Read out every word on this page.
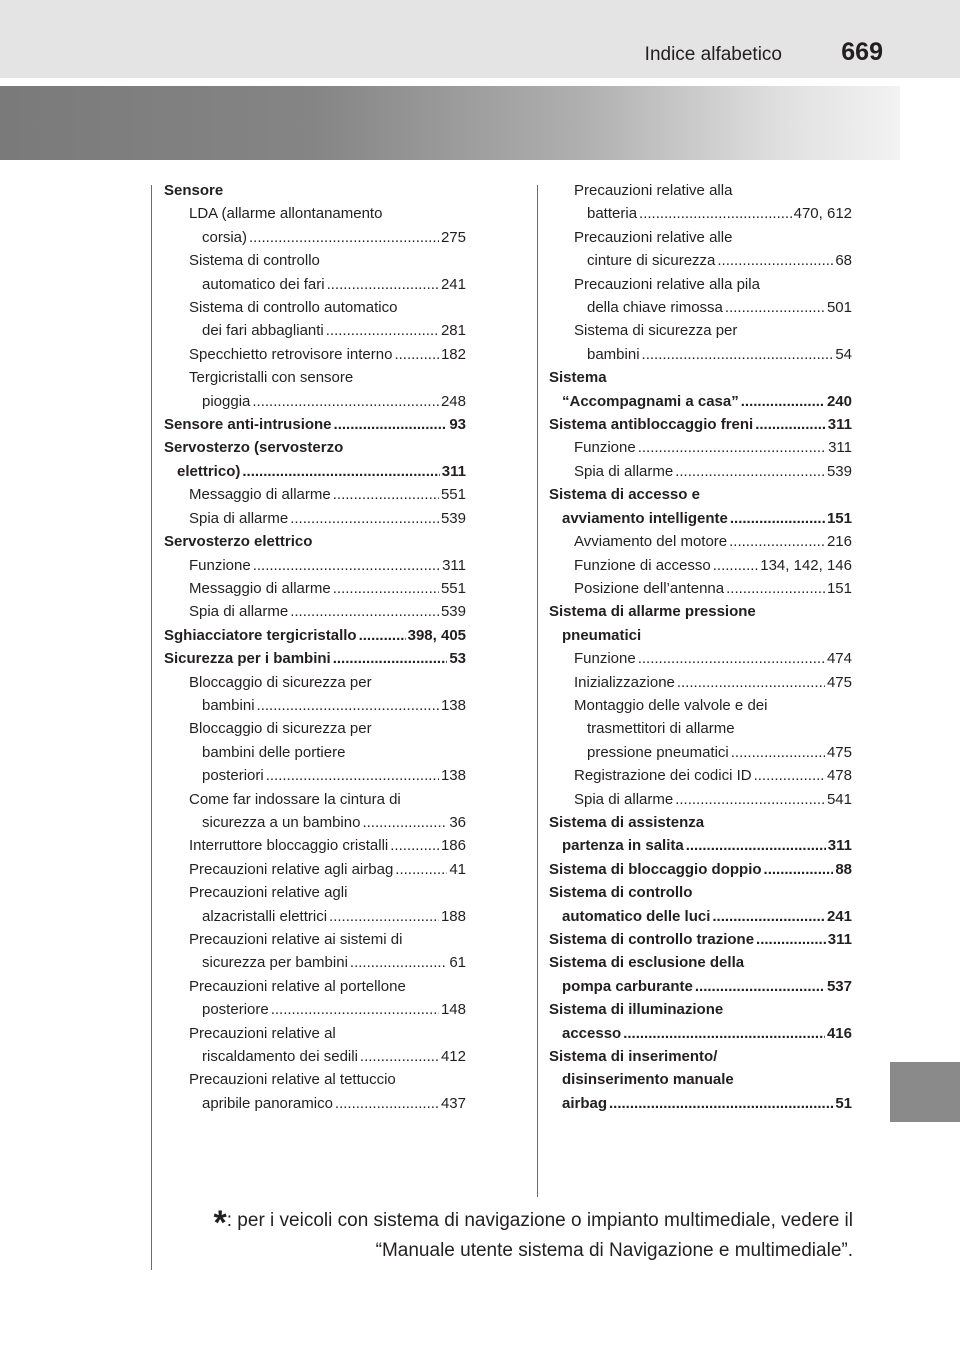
Indice alfabetico 669
Sensore
LDA (allarme allontanamento
corsia) .....	275
Sistema di controllo
automatico dei fari .....	241
Sistema di controllo automatico
dei fari abbaglianti .....	281
Specchietto retrovisore interno .....	182
Tergicristalli con sensore
pioggia .....	248
Sensore anti-intrusione .....	93
Servosterzo (servosterzo
elettrico) .....	311
Messaggio di allarme .....	551
Spia di allarme .....	539
Servosterzo elettrico
Funzione .....	311
Messaggio di allarme .....	551
Spia di allarme .....	539
Sghiacciatore tergicristallo .....	398, 405
Sicurezza per i bambini .....	53
Bloccaggio di sicurezza per
bambini .....	138
Bloccaggio di sicurezza per
bambini delle portiere
posteriori .....	138
Come far indossare la cintura di
sicurezza a un bambino .....	36
Interruttore bloccaggio cristalli .....	186
Precauzioni relative agli airbag .....	41
Precauzioni relative agli
alzacristalli elettrici .....	188
Precauzioni relative ai sistemi di
sicurezza per bambini .....	61
Precauzioni relative al portellone
posteriore .....	148
Precauzioni relative al
riscaldamento dei sedili .....	412
Precauzioni relative al tettuccio
apribile panoramico .....	437
Precauzioni relative alla
batteria .....	470, 612
Precauzioni relative alle
cinture di sicurezza .....	68
Precauzioni relative alla pila
della chiave rimossa .....	501
Sistema di sicurezza per
bambini .....	54
Sistema
“Accompagnami a casa” .....	240
Sistema antibloccaggio freni .....	311
Funzione .....	311
Spia di allarme .....	539
Sistema di accesso e
avviamento intelligente .....	151
Avviamento del motore .....	216
Funzione di accesso .....	134, 142, 146
Posizione dell’antenna .....	151
Sistema di allarme pressione
pneumatici
Funzione .....	474
Inizializzazione .....	475
Montaggio delle valvole e dei
trasmettitori di allarme
pressione pneumatici .....	475
Registrazione dei codici ID .....	478
Spia di allarme .....	541
Sistema di assistenza
partenza in salita .....	311
Sistema di bloccaggio doppio .....	88
Sistema di controllo
automatico delle luci .....	241
Sistema di controllo trazione .....	311
Sistema di esclusione della
pompa carburante .....	537
Sistema di illuminazione
accesso .....	416
Sistema di inserimento/
disinserimento manuale
airbag .....	51
*: per i veicoli con sistema di navigazione o impianto multimediale, vedere il
“Manuale utente sistema di Navigazione e multimediale”.
